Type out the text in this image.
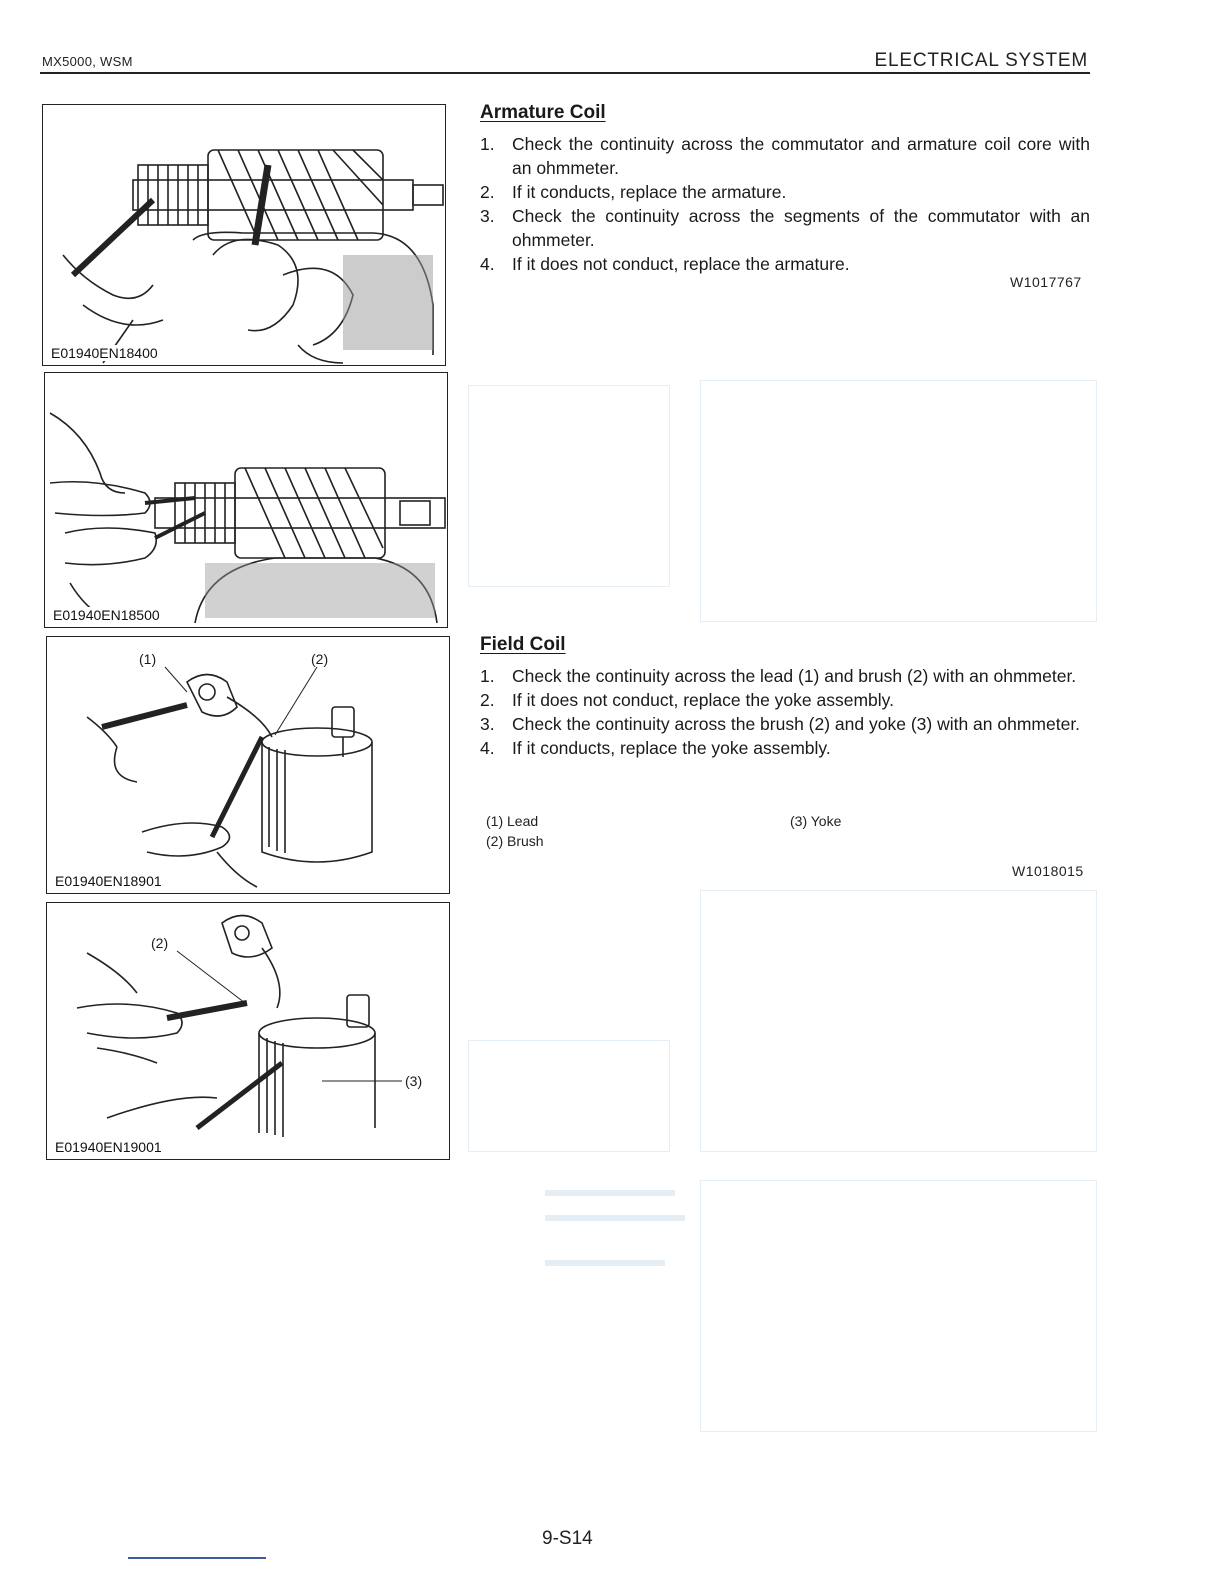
MX5000, WSM	ELECTRICAL SYSTEM
E01940EN18400
E01940EN18500
(1)	(2)
E01940EN18901
(2)
(3)
E01940EN19001
Armature Coil
1. Check the continuity across the commutator and armature coil core with an ohmmeter.
2. If it conducts, replace the armature.
3. Check the continuity across the segments of the commutator with an ohmmeter.
4. If it does not conduct, replace the armature.
W1017767
Field Coil
1. Check the continuity across the lead (1) and brush (2) with an ohmmeter.
2. If it does not conduct, replace the yoke assembly.
3. Check the continuity across the brush (2) and yoke (3) with an ohmmeter.
4. If it conducts, replace the yoke assembly.
(1) Lead
(2) Brush
(3) Yoke
W1018015
9-S14
